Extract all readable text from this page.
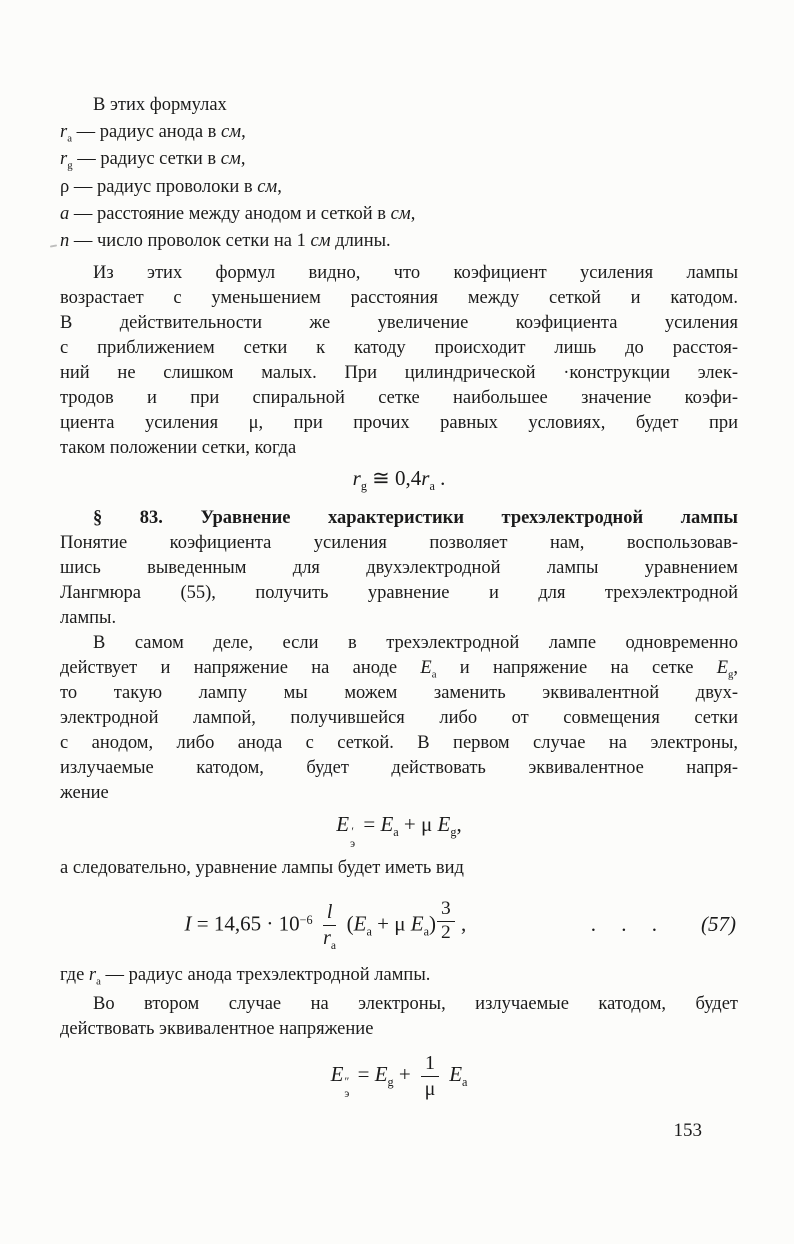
В этих формулах
$r_a$ — радиус анода в см,
$r_g$ — радиус сетки в см,
ρ — радиус проволоки в см,
a — расстояние между анодом и сеткой в см,
n — число проволок сетки на 1 см длины.
Из этих формул видно, что коэфициент усиления лампы
возрастает с уменьшением расстояния между сеткой и катодом.
В действительности же увеличение коэфициента усиления
с приближением сетки к катоду происходит лишь до расстоя-
ний не слишком малых. При цилиндрической ·конструкции элек-
тродов и при спиральной сетке наибольшее значение коэфи-
циента усиления μ, при прочих равных условиях, будет при
таком положении сетки, когда
$r_g$ ≅ $0,4r_a$ .
§ 83. Уравнение характеристики трехэлектродной лампы
Понятие коэфициента усиления позволяет нам, воспользовав-
шись выведенным для двухэлектродной лампы уравнением
Лангмюра (55), получить уравнение и для трехэлектродной
лампы.
В самом деле, если в трехэлектродной лампе одновременно
действует и напряжение на аноде $E_a$ и напряжение на сетке $E_g$,
то такую лампу мы можем заменить эквивалентной двух-
электродной лампой, получившейся либо от совмещения сетки
с анодом, либо анода с сеткой. В первом случае на электроны,
излучаемые катодом, будет действовать эквивалентное напря-
жение
E ′
э
= $E_a + \mu$ $E_g$,
а следовательно, уравнение лампы будет иметь вид
$I = 14,65 \cdot 10^{-6} \frac{l}{r_a} (E_a + \mu$ $E_a$) $^{\frac{3}{2}}$ ,	. . . (57)
где $r_a$ — радиус анода трехэлектродной лампы.
Во втором случае на электроны, излучаемые катодом, будет
действовать эквивалентное напряжение
E ″
э
= $E_g + \frac{1}{\mu} E_a$
153
